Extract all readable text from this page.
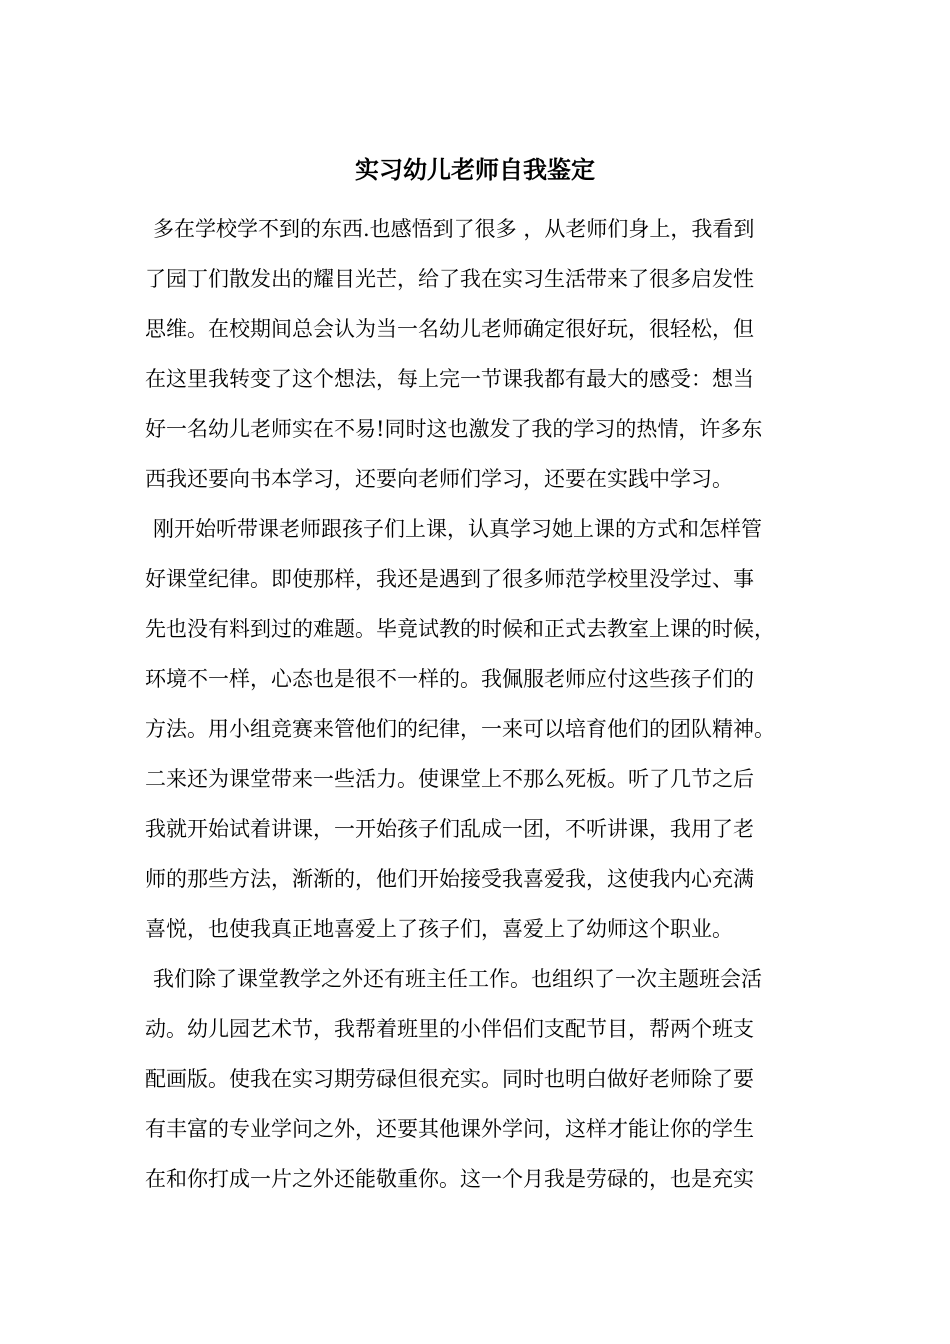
实习幼儿老师自我鉴定
多在学校学不到的东西.也感悟到了很多 ，从老师们身上，我看到
了园丁们散发出的耀目光芒，给了我在实习生活带来了很多启发性
思维。在校期间总会认为当一名幼儿老师确定很好玩，很轻松，但
在这里我转变了这个想法，每上完一节课我都有最大的感受：想当
好一名幼儿老师实在不易!同时这也激发了我的学习的热情，许多东
西我还要向书本学习，还要向老师们学习，还要在实践中学习。
刚开始听带课老师跟孩子们上课，认真学习她上课的方式和怎样管
好课堂纪律。即使那样，我还是遇到了很多师范学校里没学过、事
先也没有料到过的难题。毕竟试教的时候和正式去教室上课的时候，
环境不一样，心态也是很不一样的。我佩服老师应付这些孩子们的
方法。用小组竞赛来管他们的纪律，一来可以培育他们的团队精神。
二来还为课堂带来一些活力。使课堂上不那么死板。听了几节之后
我就开始试着讲课，一开始孩子们乱成一团，不听讲课，我用了老
师的那些方法，渐渐的，他们开始接受我喜爱我，这使我内心充满
喜悦，也使我真正地喜爱上了孩子们，喜爱上了幼师这个职业。
我们除了课堂教学之外还有班主任工作。也组织了一次主题班会活
动。幼儿园艺术节，我帮着班里的小伴侣们支配节目，帮两个班支
配画版。使我在实习期劳碌但很充实。同时也明白做好老师除了要
有丰富的专业学问之外，还要其他课外学问，这样才能让你的学生
在和你打成一片之外还能敬重你。这一个月我是劳碌的，也是充实
